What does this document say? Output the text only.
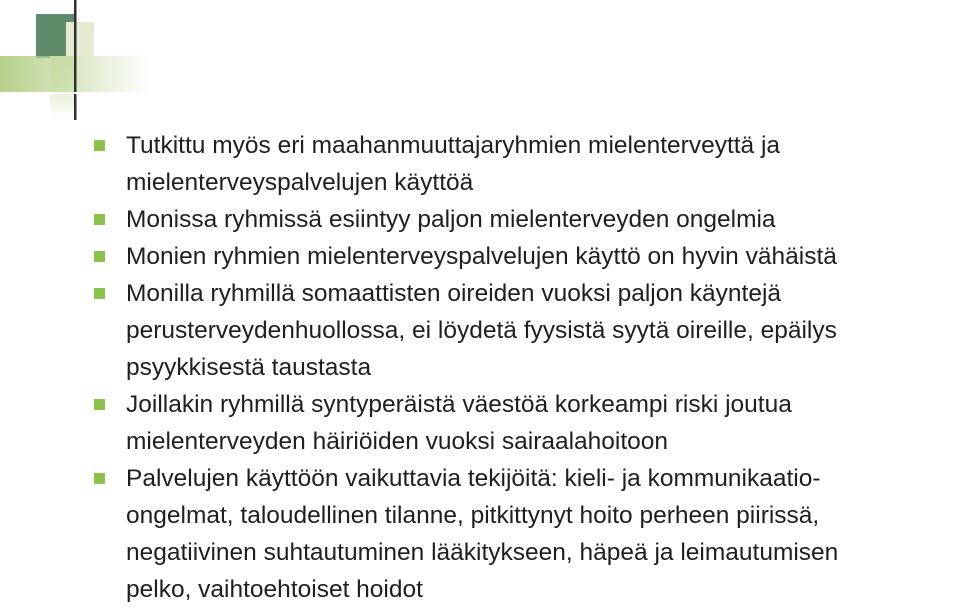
Tutkittu myös eri maahanmuuttajaryhmien mielenterveyttä ja
mielenterveyspalvelujen käyttöä
Monissa ryhmissä esiintyy paljon mielenterveyden ongelmia
Monien ryhmien mielenterveyspalvelujen käyttö on hyvin vähäistä
Monilla ryhmillä somaattisten oireiden vuoksi paljon käyntejä
perusterveydenhuollossa, ei löydetä fyysistä syytä oireille, epäilys
psyykkisestä taustasta
Joillakin ryhmillä syntyperäistä väestöä korkeampi riski joutua
mielenterveyden häiriöiden vuoksi sairaalahoitoon
Palvelujen käyttöön vaikuttavia tekijöitä: kieli- ja kommunikaatio-
ongelmat, taloudellinen tilanne, pitkittynyt hoito perheen piirissä,
negatiivinen suhtautuminen lääkitykseen, häpeä ja leimautumisen
pelko, vaihtoehtoiset hoidot
